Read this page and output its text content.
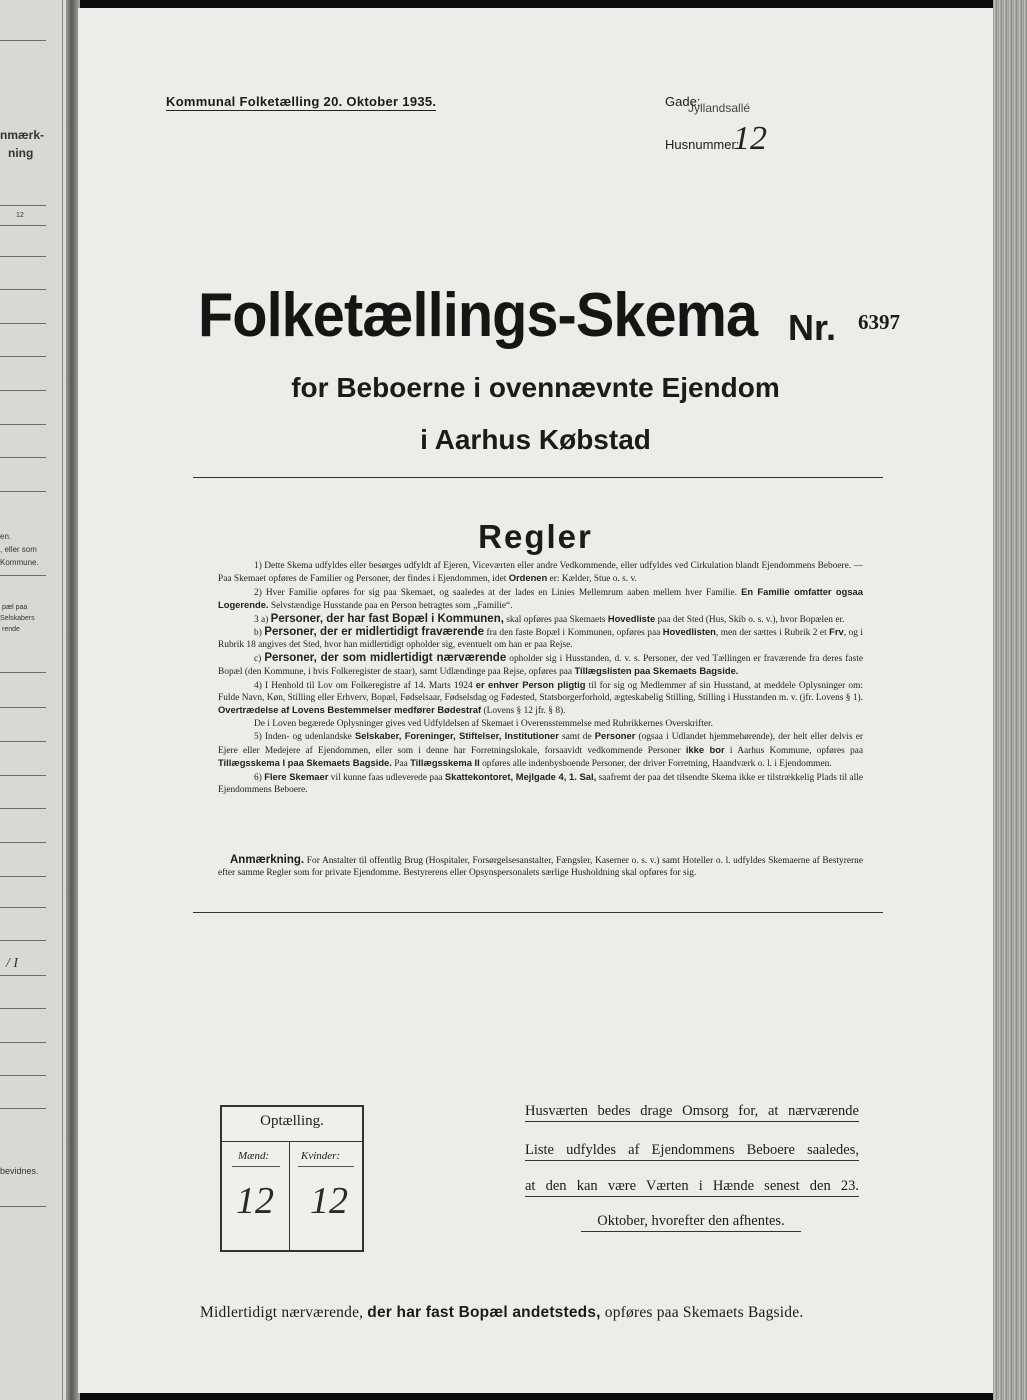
nmærk-
ning
12
en.
, eller som
Kommune.
pæl paa
Selskabers
rende
/ I
bevidnes.
Kommunal Folketælling 20. Oktober 1935.	Gade:
Jyllandsallé
Husnummer:
12
Folketællings-Skema Nr. 6397
for Beboerne i ovennævnte Ejendom
i Aarhus Købstad
Regler

1) Dette Skema udfyldes eller besørges udfyldt af Ejeren, Viceværten eller andre Vedkommende, eller udfyldes ved Cirkulation blandt Ejendommens Beboere. — Paa Skemaet opføres de Familier og Personer, der findes i Ejendommen, idet Ordenen er: Kælder, Stue o. s. v.

2) Hver Familie opføres for sig paa Skemaet, og saaledes at der lades en Linies Mellemrum aaben mellem hver Familie. En Familie omfatter ogsaa Logerende. Selvstændige Husstande paa en Person betragtes som „Familie“.

3 a) Personer, der har fast Bopæl i Kommunen, skal opføres paa Skemaets Hovedliste paa det Sted (Hus, Skib o. s. v.), hvor Bopælen er.

b) Personer, der er midlertidigt fraværende fra den faste Bopæl i Kommunen, opføres paa Hovedlisten, men der sættes i Rubrik 2 et Frv, og i Rubrik 18 angives det Sted, hvor han midlertidigt opholder sig, eventuelt om han er paa Rejse.

c) Personer, der som midlertidigt nærværende opholder sig i Husstanden, d. v. s. Personer, der ved Tællingen er fraværende fra deres faste Bopæl (den Kommune, i hvis Folkeregister de staar), samt Udlændinge paa Rejse, opføres paa Tillægslisten paa Skemaets Bagside.

4) I Henhold til Lov om Folkeregistre af 14. Marts 1924 er enhver Person pligtig til for sig og Medlemmer af sin Husstand, at meddele Oplysninger om: Fulde Navn, Køn, Stilling eller Erhverv, Bopæl, Fødselsaar, Fødselsdag og Fødested, Statsborgerforhold, ægteskabelig Stilling, Stilling i Husstanden m. v. (jfr. Lovens § 1). Overtrædelse af Lovens Bestemmelser medfører Bødestraf (Lovens § 12 jfr. § 8).

De i Loven begærede Oplysninger gives ved Udfyldelsen af Skemaet i Overensstemmelse med Rubrikkernes Overskrifter.

5) Inden- og udenlandske Selskaber, Foreninger, Stiftelser, Institutioner samt de Personer (ogsaa i Udlandet hjemmehørende), der helt eller delvis er Ejere eller Medejere af Ejendommen, eller som i denne har Forretningslokale, forsaavidt vedkommende Personer ikke bor i Aarhus Kommune, opføres paa Tillægsskema I paa Skemaets Bagside. Paa Tillægsskema II opføres alle indenbysboende Personer, der driver Forretning, Haandværk o. l. i Ejendommen.

6) Flere Skemaer vil kunne faas udleverede paa Skattekontoret, Mejlgade 4, 1. Sal, saafremt der paa det tilsendte Skema ikke er tilstrækkelig Plads til alle Ejendommens Beboere.

Anmærkning. For Anstalter til offentlig Brug (Hospitaler, Forsørgelsesanstalter, Fængsler, Kaserner o. s. v.) samt Hoteller o. l. udfyldes Skemaerne af Bestyrerne efter samme Regler som for private Ejendomme. Bestyrerens eller Opsynspersonalets særlige Husholdning skal opføres for sig.

Optælling.
Mænd:	Kvinder:
12 12
Husværten bedes drage Omsorg for, at nærværende
Liste udfyldes af Ejendommens Beboere saaledes,
at den kan være Værten i Hænde senest den 23.
Oktober, hvorefter den afhentes.
Midlertidigt nærværende, der har fast Bopæl andetsteds, opføres paa Skemaets Bagside.
